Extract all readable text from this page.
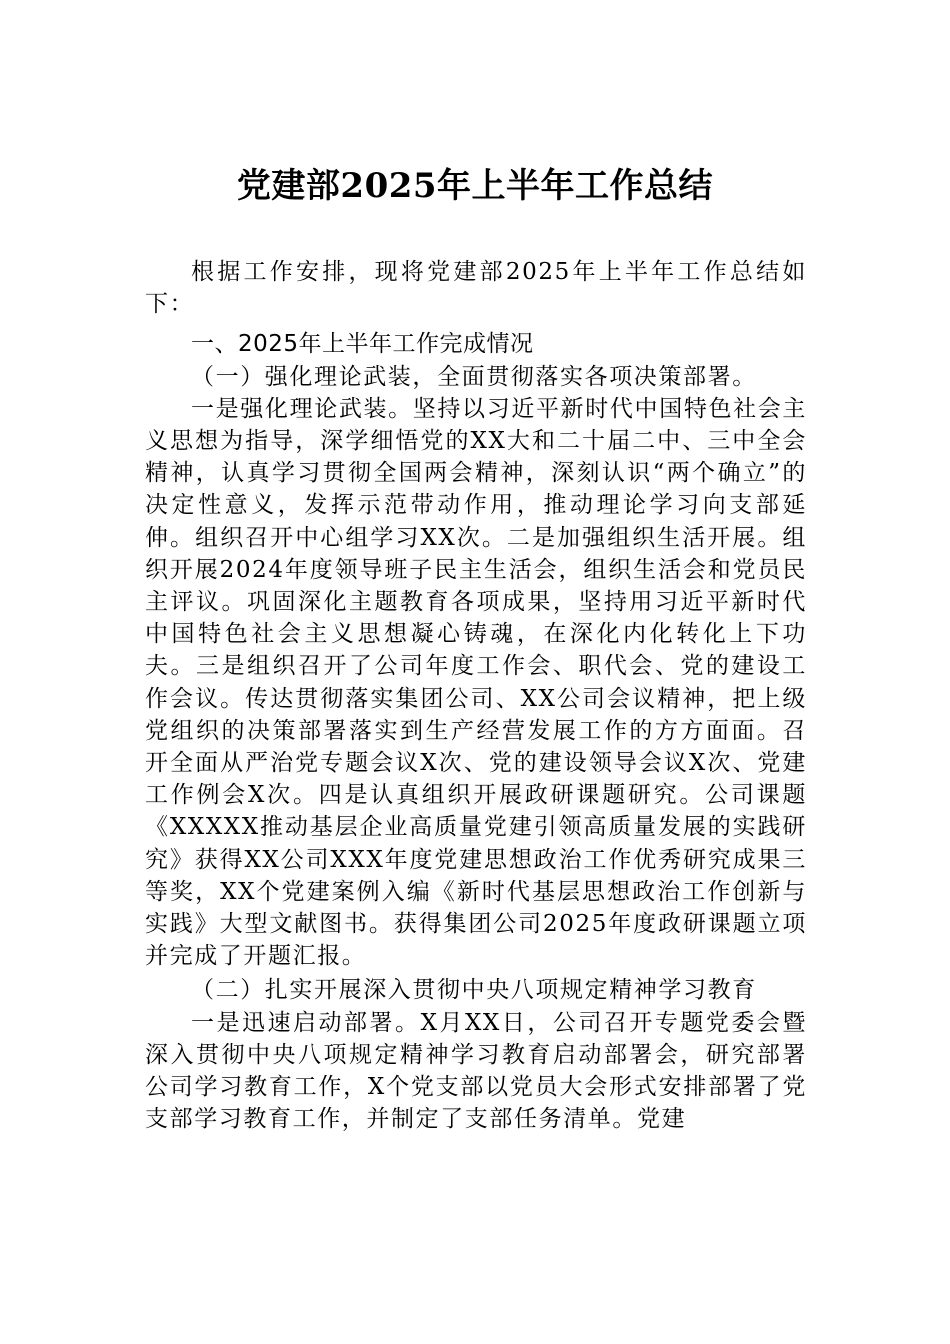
党建部2025年上半年工作总结

根据工作安排，现将党建部2025年上半年工作总结如下：

一、2025年上半年工作完成情况

（一）强化理论武装，全面贯彻落实各项决策部署。

一是强化理论武装。坚持以习近平新时代中国特色社会主义思想为指导，深学细悟党的XX大和二十届二中、三中全会精神，认真学习贯彻全国两会精神，深刻认识“两个确立”的决定性意义，发挥示范带动作用，推动理论学习向支部延伸。组织召开中心组学习XX次。二是加强组织生活开展。组织开展2024年度领导班子民主生活会，组织生活会和党员民主评议。巩固深化主题教育各项成果，坚持用习近平新时代中国特色社会主义思想凝心铸魂，在深化内化转化上下功夫。三是组织召开了公司年度工作会、职代会、党的建设工作会议。传达贯彻落实集团公司、XX公司会议精神，把上级党组织的决策部署落实到生产经营发展工作的方方面面。召开全面从严治党专题会议X次、党的建设领导会议X次、党建工作例会X次。四是认真组织开展政研课题研究。公司课题《XXXXX推动基层企业高质量党建引领高质量发展的实践研究》获得XX公司XXX年度党建思想政治工作优秀研究成果三等奖，XX个党建案例入编《新时代基层思想政治工作创新与实践》大型文献图书。获得集团公司2025年度政研课题立项并完成了开题汇报。

（二）扎实开展深入贯彻中央八项规定精神学习教育

一是迅速启动部署。X月XX日，公司召开专题党委会暨深入贯彻中央八项规定精神学习教育启动部署会，研究部署公司学习教育工作，X个党支部以党员大会形式安排部署了党支部学习教育工作，并制定了支部任务清单。党建
